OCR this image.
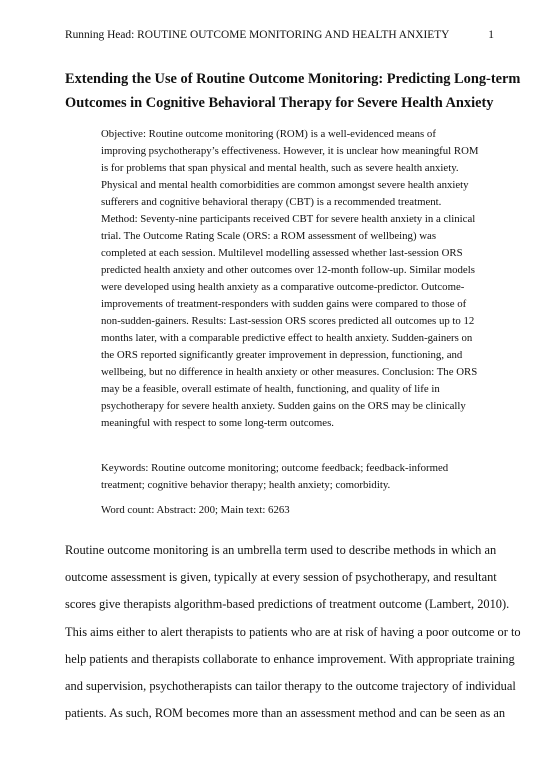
Running Head: ROUTINE OUTCOME MONITORING AND HEALTH ANXIETY	1
Extending the Use of Routine Outcome Monitoring: Predicting Long-term
Outcomes in Cognitive Behavioral Therapy for Severe Health Anxiety
Objective: Routine outcome monitoring (ROM) is a well-evidenced means of
improving psychotherapy’s effectiveness. However, it is unclear how meaningful ROM
is for problems that span physical and mental health, such as severe health anxiety.
Physical and mental health comorbidities are common amongst severe health anxiety
sufferers and cognitive behavioral therapy (CBT) is a recommended treatment.
Method: Seventy-nine participants received CBT for severe health anxiety in a clinical
trial. The Outcome Rating Scale (ORS: a ROM assessment of wellbeing) was
completed at each session. Multilevel modelling assessed whether last-session ORS
predicted health anxiety and other outcomes over 12-month follow-up. Similar models
were developed using health anxiety as a comparative outcome-predictor. Outcome-
improvements of treatment-responders with sudden gains were compared to those of
non-sudden-gainers. Results: Last-session ORS scores predicted all outcomes up to 12
months later, with a comparable predictive effect to health anxiety. Sudden-gainers on
the ORS reported significantly greater improvement in depression, functioning, and
wellbeing, but no difference in health anxiety or other measures. Conclusion: The ORS
may be a feasible, overall estimate of health, functioning, and quality of life in
psychotherapy for severe health anxiety. Sudden gains on the ORS may be clinically
meaningful with respect to some long-term outcomes.
Keywords: Routine outcome monitoring; outcome feedback; feedback-informed
treatment; cognitive behavior therapy; health anxiety; comorbidity.
Word count: Abstract: 200; Main text: 6263
Routine outcome monitoring is an umbrella term used to describe methods in which an
outcome assessment is given, typically at every session of psychotherapy, and resultant
scores give therapists algorithm-based predictions of treatment outcome (Lambert, 2010).
This aims either to alert therapists to patients who are at risk of having a poor outcome or to
help patients and therapists collaborate to enhance improvement. With appropriate training
and supervision, psychotherapists can tailor therapy to the outcome trajectory of individual
patients. As such, ROM becomes more than an assessment method and can be seen as an
